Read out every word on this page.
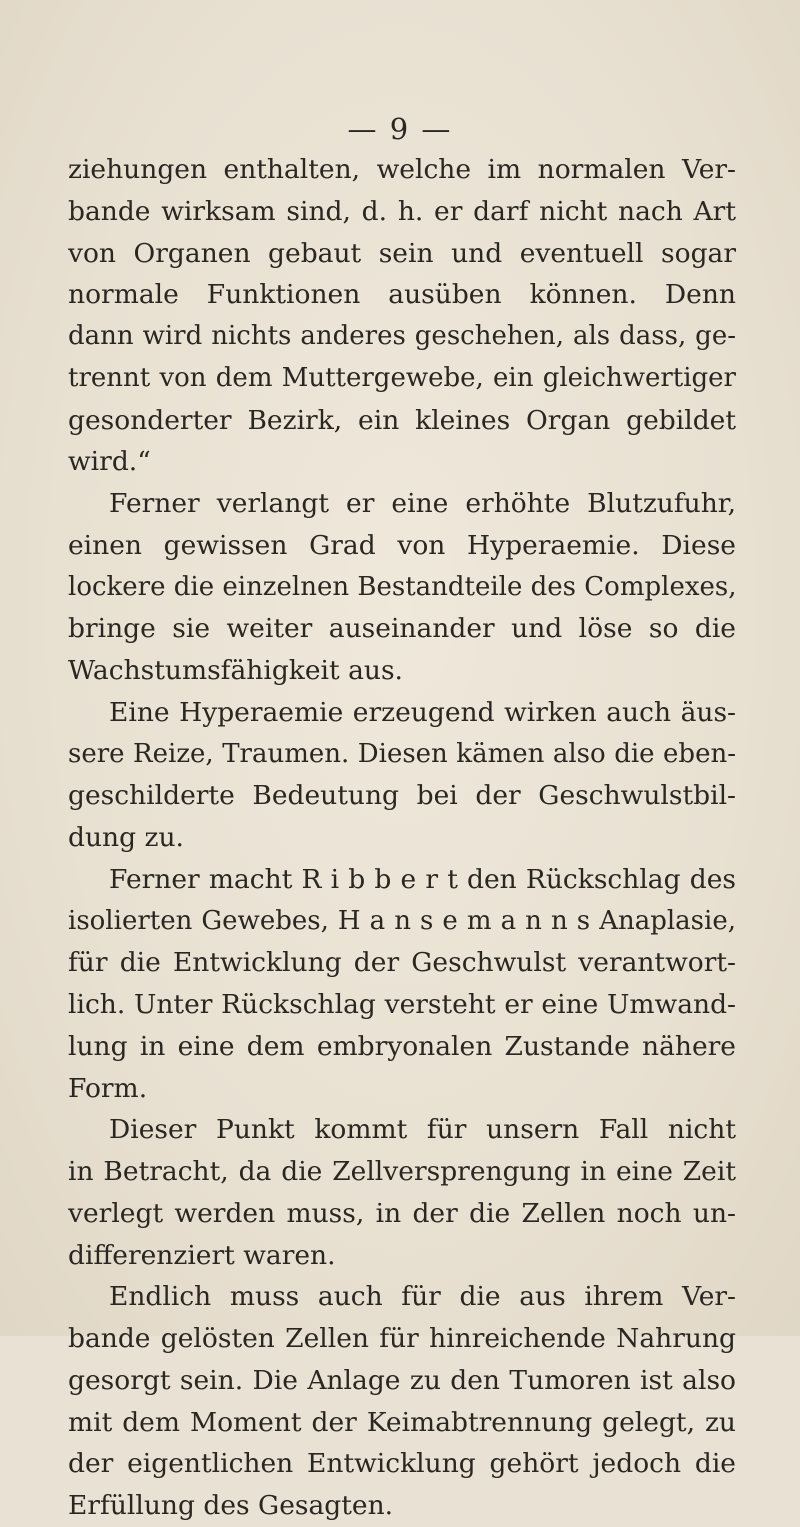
— 9 —
ziehungen enthalten, welche im normalen Ver-
bande wirksam sind, d. h. er darf nicht nach Art
von Organen gebaut sein und eventuell sogar
normale Funktionen ausüben können. Denn
dann wird nichts anderes geschehen, als dass, ge-
trennt von dem Muttergewebe, ein gleichwertiger
gesonderter Bezirk, ein kleines Organ gebildet
wird.“
Ferner verlangt er eine erhöhte Blutzufuhr,
einen gewissen Grad von Hyperaemie. Diese
lockere die einzelnen Bestandteile des Complexes,
bringe sie weiter auseinander und löse so die
Wachstumsfähigkeit aus.
Eine Hyperaemie erzeugend wirken auch äus-
sere Reize, Traumen. Diesen kämen also die eben-
geschilderte Bedeutung bei der Geschwulstbil-
dung zu.
Ferner macht R i b b e r t den Rückschlag des
isolierten Gewebes, H a n s e m a n n s Anaplasie,
für die Entwicklung der Geschwulst verantwort-
lich. Unter Rückschlag versteht er eine Umwand-
lung in eine dem embryonalen Zustande nähere
Form.
Dieser Punkt kommt für unsern Fall nicht
in Betracht, da die Zellversprengung in eine Zeit
verlegt werden muss, in der die Zellen noch un-
differenziert waren.
Endlich muss auch für die aus ihrem Ver-
bande gelösten Zellen für hinreichende Nahrung
gesorgt sein. Die Anlage zu den Tumoren ist also
mit dem Moment der Keimabtrennung gelegt, zu
der eigentlichen Entwicklung gehört jedoch die
Erfüllung des Gesagten.
